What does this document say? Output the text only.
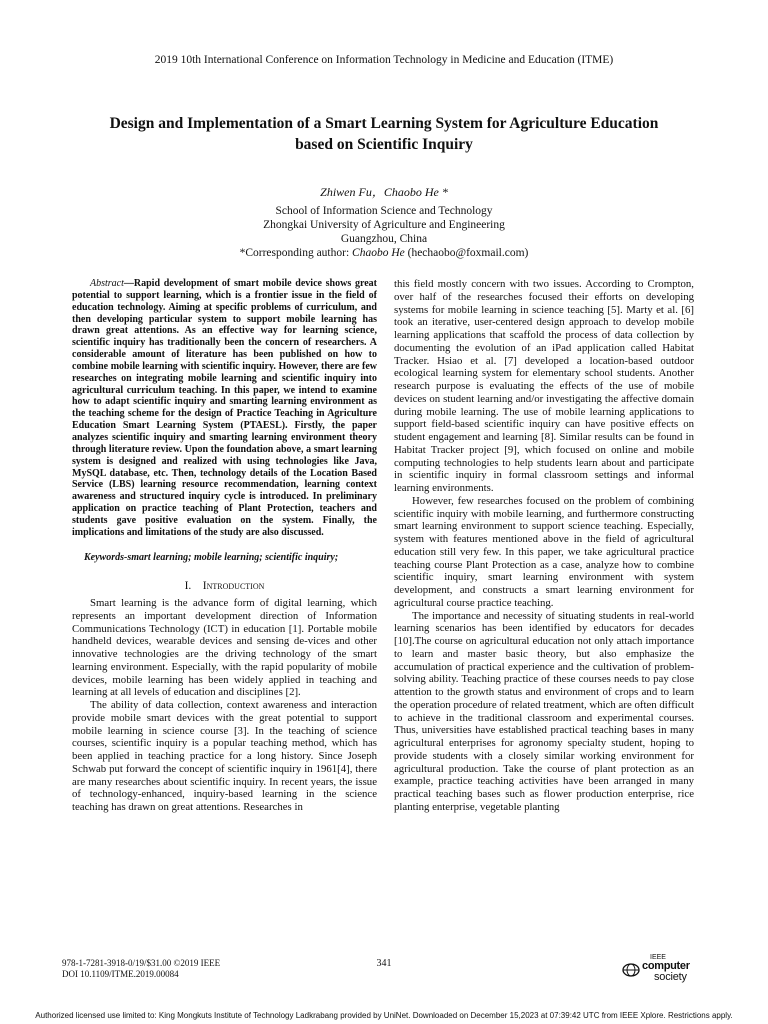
2019 10th International Conference on Information Technology in Medicine and Education (ITME)
Design and Implementation of a Smart Learning System for Agriculture Education
based on Scientific Inquiry
Zhiwen Fu，Chaobo He *
School of Information Science and Technology
Zhongkai University of Agriculture and Engineering
Guangzhou, China
*Corresponding author: Chaobo He (hechaobo@foxmail.com)

Abstract—Rapid development of smart mobile device shows great potential to support learning, which is a frontier issue in the field of education technology. Aiming at specific problems of curriculum, and then developing particular system to support mobile learning has drawn great attentions. As an effective way for learning science, scientific inquiry has traditionally been the concern of researchers. A considerable amount of literature has been published on how to combine mobile learning with scientific inquiry. However, there are few researches on integrating mobile learning and scientific inquiry into agricultural curriculum teaching. In this paper, we intend to examine how to adapt scientific inquiry and smarting learning environment as the teaching scheme for the design of Practice Teaching in Agriculture Education Smart Learning System (PTAESL). Firstly, the paper analyzes scientific inquiry and smarting learning environment theory through literature review. Upon the foundation above, a smart learning system is designed and realized with using technologies like Java, MySQL database, etc. Then, technology details of the Location Based Service (LBS) learning resource recommendation, learning context awareness and structured inquiry cycle is introduced. In preliminary application on practice teaching of Plant Protection, teachers and students gave positive evaluation on the system. Finally, the implications and limitations of the study are also discussed.

Keywords-smart learning; mobile learning; scientific inquiry;

I. Introduction

Smart learning is the advance form of digital learning, which represents an important development direction of Information Communications Technology (ICT) in education [1]. Portable mobile handheld devices, wearable devices and sensing de-vices and other innovative technologies are the driving technology of the smart learning environment. Especially, with the rapid popularity of mobile devices, mobile learning has been widely applied in teaching and learning at all levels of education and disciplines [2].

The ability of data collection, context awareness and interaction provide mobile smart devices with the great potential to support mobile learning in science course [3]. In the teaching of science courses, scientific inquiry is a popular teaching method, which has been applied in teaching practice for a long history. Since Joseph Schwab put forward the concept of scientific inquiry in 1961[4], there are many researches about scientific inquiry. In recent years, the issue of technology-enhanced, inquiry-based learning in the science teaching has drawn on great attentions. Researches in

this field mostly concern with two issues. According to Crompton, over half of the researches focused their efforts on developing systems for mobile learning in science teaching [5]. Marty et al. [6] took an iterative, user-centered design approach to develop mobile learning applications that scaffold the process of data collection by documenting the evolution of an iPad application called Habitat Tracker. Hsiao et al. [7] developed a location-based outdoor ecological learning system for elementary school students. Another research purpose is evaluating the effects of the use of mobile devices on student learning and/or investigating the affective domain during mobile learning. The use of mobile learning applications to support field-based scientific inquiry can have positive effects on student engagement and learning [8]. Similar results can be found in Habitat Tracker project [9], which focused on online and mobile computing technologies to help students learn about and participate in scientific inquiry in formal classroom settings and informal learning environments.

However, few researches focused on the problem of combining scientific inquiry with mobile learning, and furthermore constructing smart learning environment to support science teaching. Especially, system with features mentioned above in the field of agricultural education still very few. In this paper, we take agricultural practice teaching course Plant Protection as a case, analyze how to combine scientific inquiry, smart learning environment with system development, and constructs a smart learning environment for agricultural course practice teaching.

The importance and necessity of situating students in real-world learning scenarios has been identified by educators for decades [10].The course on agricultural education not only attach importance to learn and master basic theory, but also emphasize the accumulation of practical experience and the cultivation of problem-solving ability. Teaching practice of these courses needs to pay close attention to the growth status and environment of crops and to learn the operation procedure of related treatment, which are often difficult to achieve in the traditional classroom and experimental courses. Thus, universities have established practical teaching bases in many agricultural enterprises for agronomy specialty student, hoping to provide students with a closely similar working environment for agricultural production. Take the course of plant protection as an example, practice teaching activities have been arranged in many practical teaching bases such as flower production enterprise, rice planting enterprise, vegetable planting

978-1-7281-3918-0/19/$31.00 ©2019 IEEE
DOI 10.1109/ITME.2019.00084
341
IEEE
computer
society
Authorized licensed use limited to: King Mongkuts Institute of Technology Ladkrabang provided by UniNet. Downloaded on December 15,2023 at 07:39:42 UTC from IEEE Xplore. Restrictions apply.
